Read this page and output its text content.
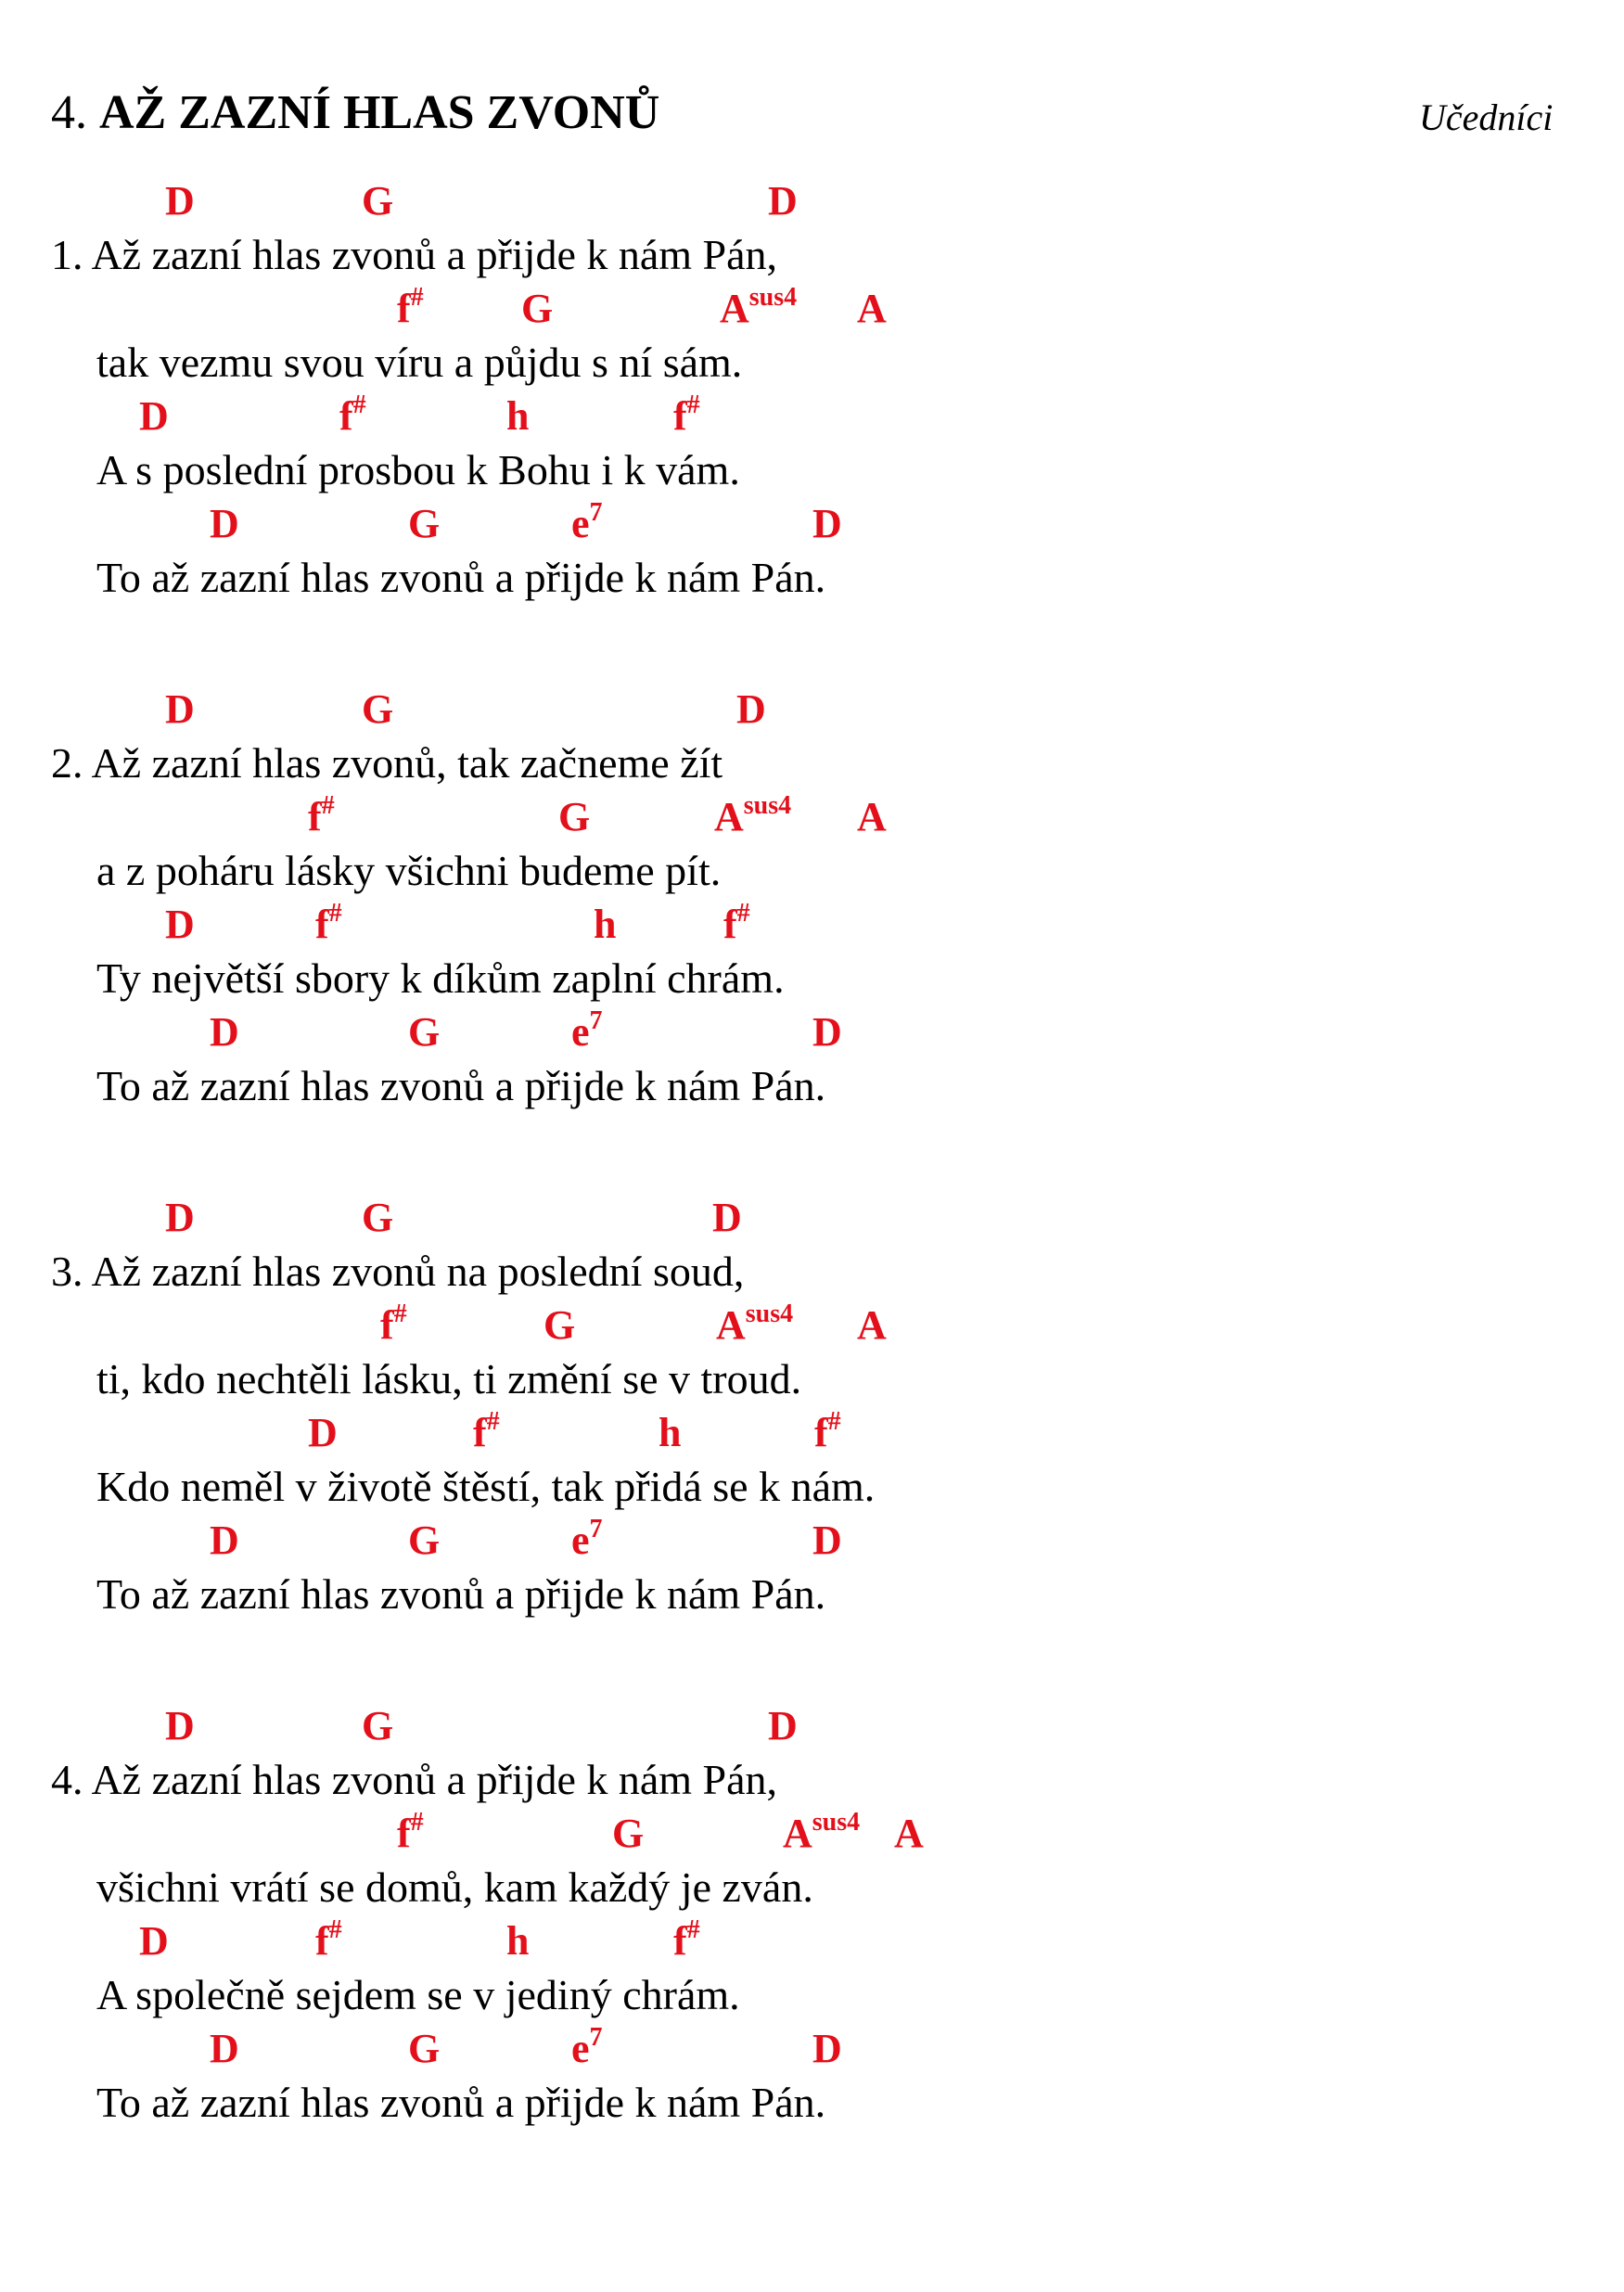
4. AŽ ZAZNÍ HLAS ZVONŮ	Učedníci
D	G	D
1. Až zazní hlas zvonů a přijde k nám Pán,
f# G	$A^{sus4}$ A
tak vezmu svou víru a půjdu s ní sám.
D	f#	h	f#
A s poslední prosbou k Bohu i k vám.
D	G	$e^7$	D
To až zazní hlas zvonů a přijde k nám Pán.
D	G	D
2. Až zazní hlas zvonů, tak začneme žít
f#	G	$A^{sus4}$ A
a z poháru lásky všichni budeme pít.
D	f#	h	f#
Ty největší sbory k díkům zaplní chrám.
D	G	$e^7$	D
To až zazní hlas zvonů a přijde k nám Pán.
D	G	D
3. Až zazní hlas zvonů na poslední soud,
f#	G	$A^{sus4}$ A
ti, kdo nechtěli lásku, ti změní se v troud.
D	f#	h	f#
Kdo neměl v životě štěstí, tak přidá se k nám.
D	G	$e^7$	D
To až zazní hlas zvonů a přijde k nám Pán.
D	G	D
4. Až zazní hlas zvonů a přijde k nám Pán,
f#	G	$A^{sus4}$ A
všichni vrátí se domů, kam každý je zván.
D	f#	h	f#
A společně sejdem se v jediný chrám.
D	G	$e^7$	D
To až zazní hlas zvonů a přijde k nám Pán.
